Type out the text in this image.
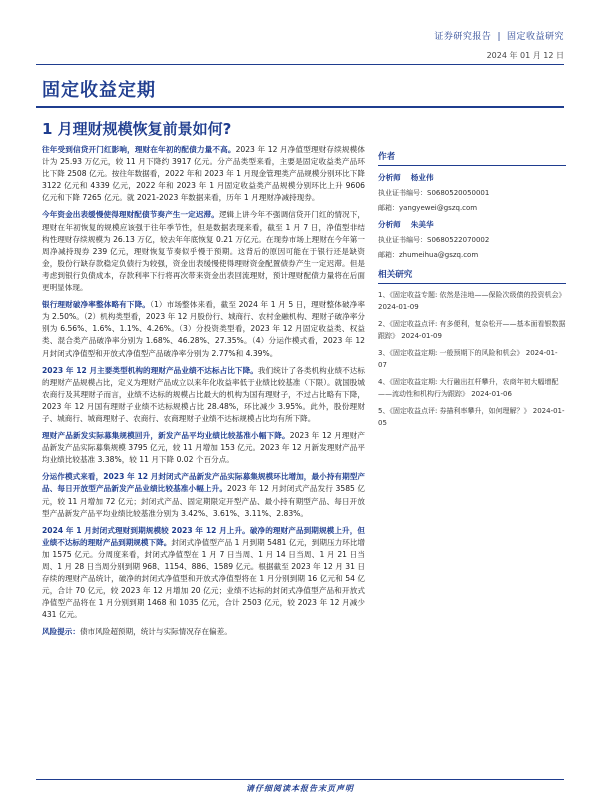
证券研究报告 | 固定收益研究
2024 年 01 月 12 日
固定收益定期
1 月理财规模恢复前景如何?

往年受到信贷开门红影响，理财在年初的配债力量不高。2023 年 12 月净值型理财存续规模体计为 25.93 万亿元，较 11 月下降约 3917 亿元。分产品类型来看，主要是固定收益类产品环比下降 2508 亿元。按往年数据看，2022 年和 2023 年 1 月现金管理类产品规模分别环比下降 3122 亿元和 4339 亿元，2022 年和 2023 年 1 月固定收益类产品规模分别环比上升 9606 亿元和下降 7265 亿元。就 2021-2023 年数据来看，历年 1 月理财净减持现券。

今年资金出表缓慢使得理财配债节奏产生一定迟滞。逻辑上讲今年不强调信贷开门红的情况下，理财在年初恢复的规模应该强于往年季节性，但是数据表现来看，截至 1 月 7 日，净值型非结构性理财存续规模为 26.13 万亿，较去年年底恢复 0.21 万亿元。在现券市场上理财在今年第一周净减持现券 239 亿元，理财恢复节奏似乎慢于预期。这背后的原因可能在于银行还是缺资金，股份行缺存款稳定负债行为较强，资金出表缓慢使得理财资金配置债券产生一定迟滞。但是考虑到银行负债成本，存款利率下行将再次带来资金出表回流理财，预计理财配债力量将在后面更明显体现。

银行理财破净率整体略有下降。（1）市场整体来看，截至 2024 年 1 月 5 日，理财整体破净率为 2.50%。（2）机构类型看，2023 年 12 月股份行、城商行、农村金融机构、理财子破净率分别为 6.56%、1.6%、1.1%、4.26%。（3）分投资类型看，2023 年 12 月固定收益类、权益类、混合类产品破净率分别为 1.68%、46.28%、27.35%。（4）分运作模式看，2023 年 12 月封闭式净值型和开放式净值型产品破净率分别为 2.77%和 4.39%。

2023 年 12 月主要类型机构的理财产品业绩不达标占比下降。我们统计了各类机构业绩不达标的理财产品规模占比，定义为理财产品成立以来年化收益率低于业绩比较基准（下限）。就国股城农商行及其理财子而言，业绩不达标的规模占比最大的机构为国有理财子，不过占比略有下降，2023 年 12 月国有理财子业绩不达标规模占比 28.48%，环比减少 3.95%。此外，股份理财子、城商行、城商理财子、农商行、农商理财子业绩不达标规模占比均有所下降。

理财产品新发实际募集规模回升，新发产品平均业绩比较基准小幅下降。2023 年 12 月理财产品新发产品实际募集规模 3795 亿元，较 11 月增加 153 亿元。2023 年 12 月新发理财产品平均业绩比较基准 3.38%，较 11 月下降 0.02 个百分点。

分运作模式来看，2023 年 12 月封闭式产品新发产品实际募集规模环比增加，最小持有期型产品、每日开放型产品新发产品业绩比较基准小幅上升。2023 年 12 月封闭式产品发行 3585 亿元，较 11 月增加 72 亿元；封闭式产品、固定期限定开型产品、最小持有期型产品、每日开放型产品新发产品平均业绩比较基准分别为 3.42%、3.61%、3.11%、2.83%。

2024 年 1 月封闭式理财到期规模较 2023 年 12 月上升。破净的理财产品到期规模上升，但业绩不达标的理财产品到期规模下降。封闭式净值型产品 1 月到期 5481 亿元，到期压力环比增加 1575 亿元。分周度来看，封闭式净值型在 1 月 7 日当周、1 月 14 日当周、1 月 21 日当周、1 月 28 日当周分别到期 968、1154、886、1589 亿元。根据截至 2023 年 12 月 31 日存续的理财产品统计，破净的封闭式净值型和开放式净值型将在 1 月分别到期 16 亿元和 54 亿元，合计 70 亿元，较 2023 年 12 月增加 20 亿元；业绩不达标的封闭式净值型产品和开放式净值型产品将在 1 月分别到期 1468 和 1035 亿元，合计 2503 亿元，较 2023 年 12 月减少 431 亿元。

风险提示：债市风险超预期，统计与实际情况存在偏差。

作者
分析师 杨业伟
执业证书编号：S0680520050001
邮箱：yangyewei@gszq.com
分析师 朱美华
执业证书编号：S0680522070002
邮箱：zhumeihua@gszq.com
相关研究
1、《固定收益专题: 依然是洼地——保险次级债的投资机会》 2024-01-09
2、《固定收益点评: 有多便利，复杂松开——基本面看银数据跟踪》 2024-01-09
3、《固定收益定期: 一般预期下的风险和机会》 2024-01-07
4、《固定收益定期: 大行融出扛杆攀升，农商年初大幅增配——流动性和机构行为跟踪》 2024-01-06
5、《固定收益点评: 券描利率攀升，如何理解？》 2024-01-05
请仔细阅读本报告末页声明
